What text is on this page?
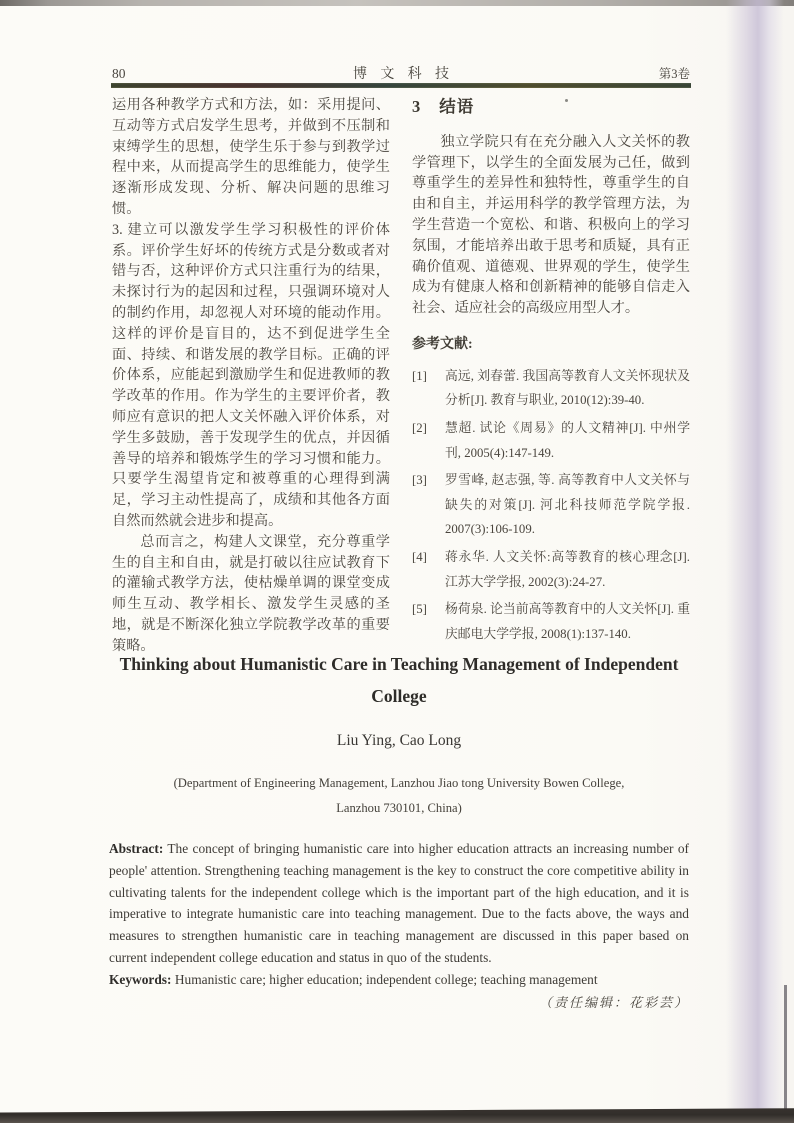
80	博文科技	第3卷

运用各种教学方式和方法，如：采用提问、互动等方式启发学生思考，并做到不压制和束缚学生的思想，使学生乐于参与到教学过程中来，从而提高学生的思维能力，使学生逐渐形成发现、分析、解决问题的思维习惯。

3. 建立可以激发学生学习积极性的评价体系。评价学生好坏的传统方式是分数或者对错与否，这种评价方式只注重行为的结果，未探讨行为的起因和过程，只强调环境对人的制约作用，却忽视人对环境的能动作用。这样的评价是盲目的，达不到促进学生全面、持续、和谐发展的教学目标。正确的评价体系，应能起到激励学生和促进教师的教学改革的作用。作为学生的主要评价者，教师应有意识的把人文关怀融入评价体系，对学生多鼓励，善于发现学生的优点，并因循善导的培养和锻炼学生的学习习惯和能力。只要学生渴望肯定和被尊重的心理得到满足，学习主动性提高了，成绩和其他各方面自然而然就会进步和提高。

总而言之，构建人文课堂，充分尊重学生的自主和自由，就是打破以往应试教育下的灌输式教学方法，使枯燥单调的课堂变成师生互动、教学相长、激发学生灵感的圣地，就是不断深化独立学院教学改革的重要策略。

3 结语

独立学院只有在充分融入人文关怀的教学管理下，以学生的全面发展为己任，做到尊重学生的差异性和独特性，尊重学生的自由和自主，并运用科学的教学管理方法，为学生营造一个宽松、和谐、积极向上的学习氛围，才能培养出敢于思考和质疑，具有正确价值观、道德观、世界观的学生，使学生成为有健康人格和创新精神的能够自信走入社会、适应社会的高级应用型人才。

参考文献:
[1] 高远, 刘春蕾. 我国高等教育人文关怀现状及分析[J]. 教育与职业, 2010(12):39-40.
[2] 慧超. 试论《周易》的人文精神[J]. 中州学刊, 2005(4):147-149.
[3] 罗雪峰, 赵志强, 等. 高等教育中人文关怀与缺失的对策[J]. 河北科技师范学院学报. 2007(3):106-109.
[4] 蒋永华. 人文关怀:高等教育的核心理念[J]. 江苏大学学报, 2002(3):24-27.
[5] 杨荷泉. 论当前高等教育中的人文关怀[J]. 重庆邮电大学学报, 2008(1):137-140.
Thinking about Humanistic Care in Teaching Management of Independent College
Liu Ying, Cao Long
(Department of Engineering Management, Lanzhou Jiao tong University Bowen College,
Lanzhou 730101, China)

Abstract: The concept of bringing humanistic care into higher education attracts an increasing number of people' attention. Strengthening teaching management is the key to construct the core competitive ability in cultivating talents for the independent college which is the important part of the high education, and it is imperative to integrate humanistic care into teaching management. Due to the facts above, the ways and measures to strengthen humanistic care in teaching management are discussed in this paper based on current independent college education and status in quo of the students.

Keywords: Humanistic care; higher education; independent college; teaching management

（责任编辑：花彩芸）
